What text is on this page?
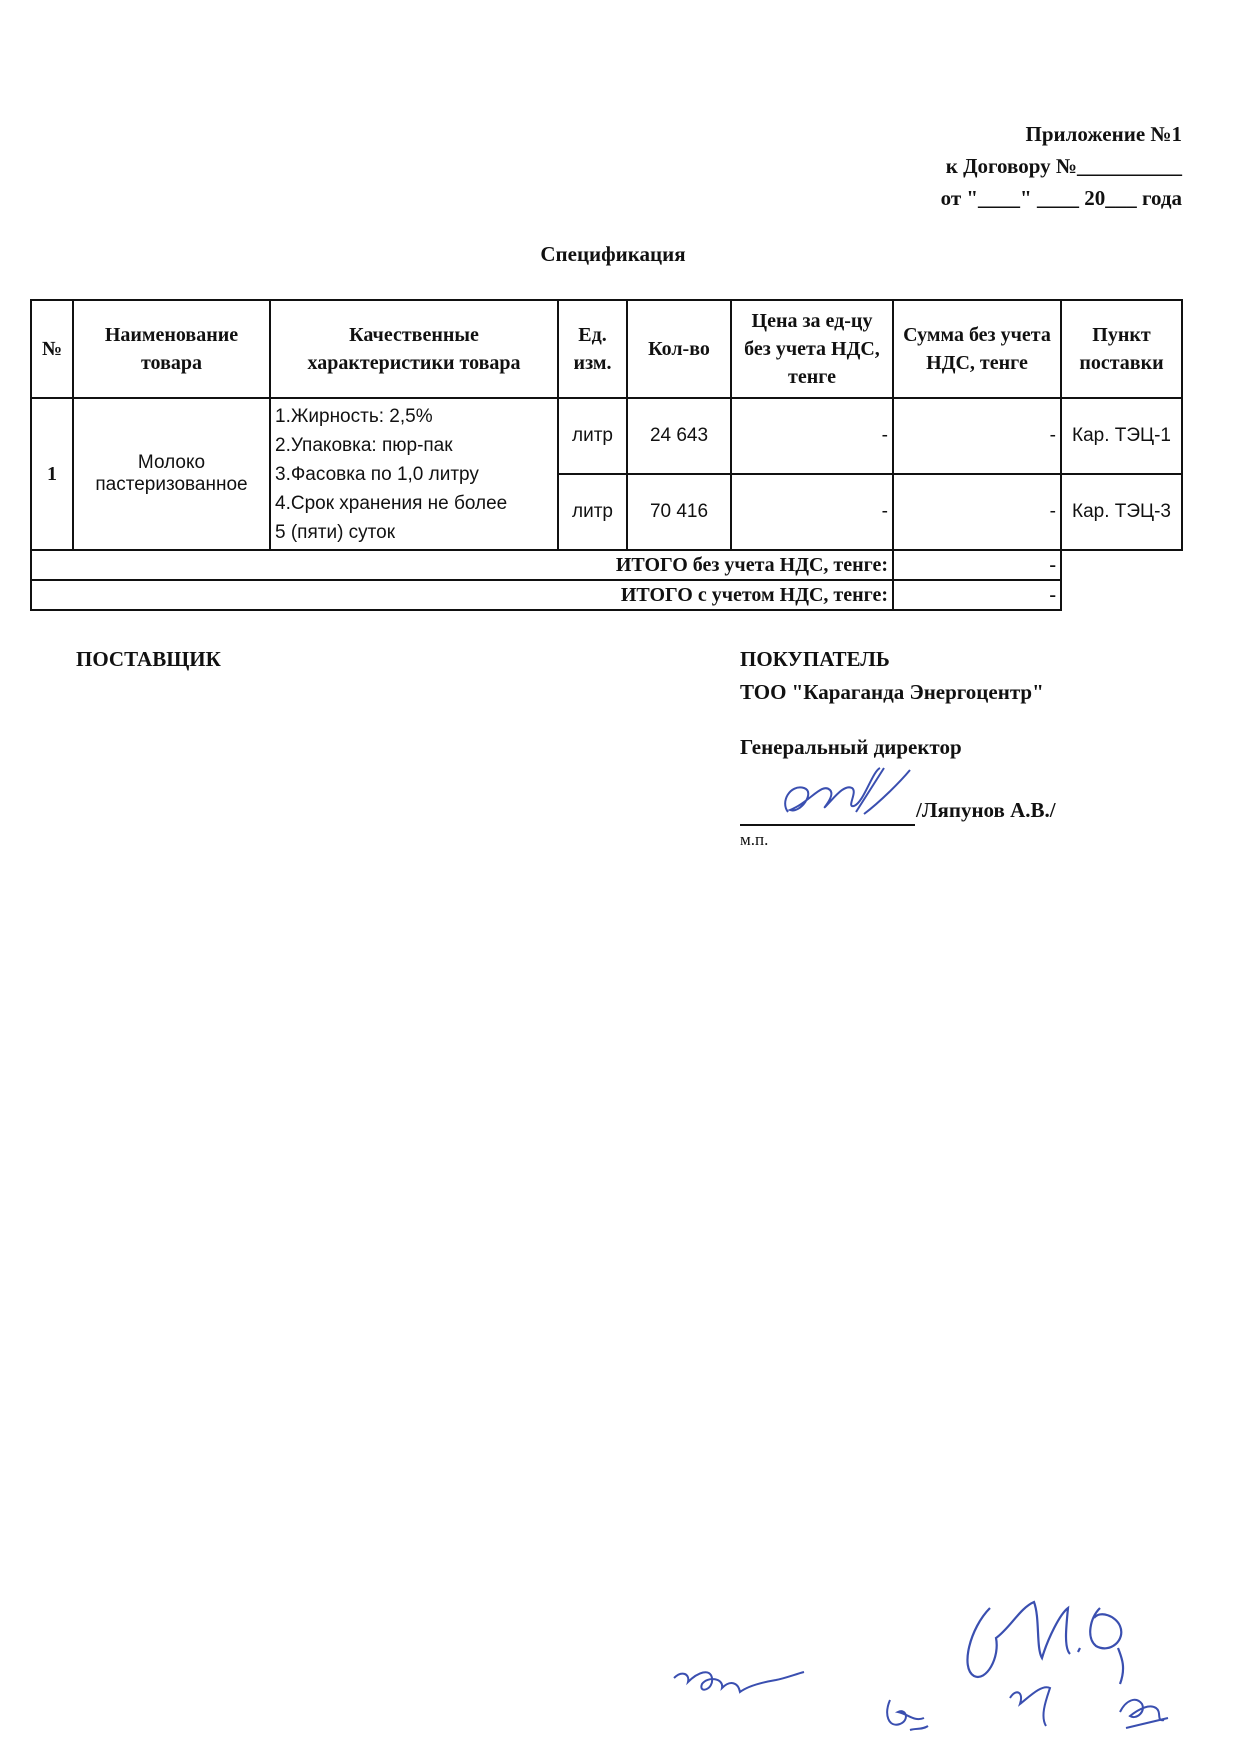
Приложение №1
к Договору №__________
от "____" ____ 20___ года
Спецификация
№	Наименование товара	Качественные характеристики товара	Ед. изм.	Кол-во	Цена за ед-цу без учета НДС, тенге	Сумма без учета НДС, тенге	Пункт поставки
1	Молоко пастеризованное	1.Жирность: 2,5%
2.Упаковка: пюр-пак
3.Фасовка по 1,0 литру
4.Срок хранения не более
5 (пяти) суток	литр	24 643	-	-	Кар. ТЭЦ-1
			литр	70 416	-	-	Кар. ТЭЦ-3
ИТОГО без учета НДС, тенге:						-	
ИТОГО с учетом НДС, тенге:						-	
ПОСТАВЩИК	ПОКУПАТЕЛЬ
ТОО "Караганда Энергоцентр"
Генеральный директор
/Ляпунов А.В./
м.п.
